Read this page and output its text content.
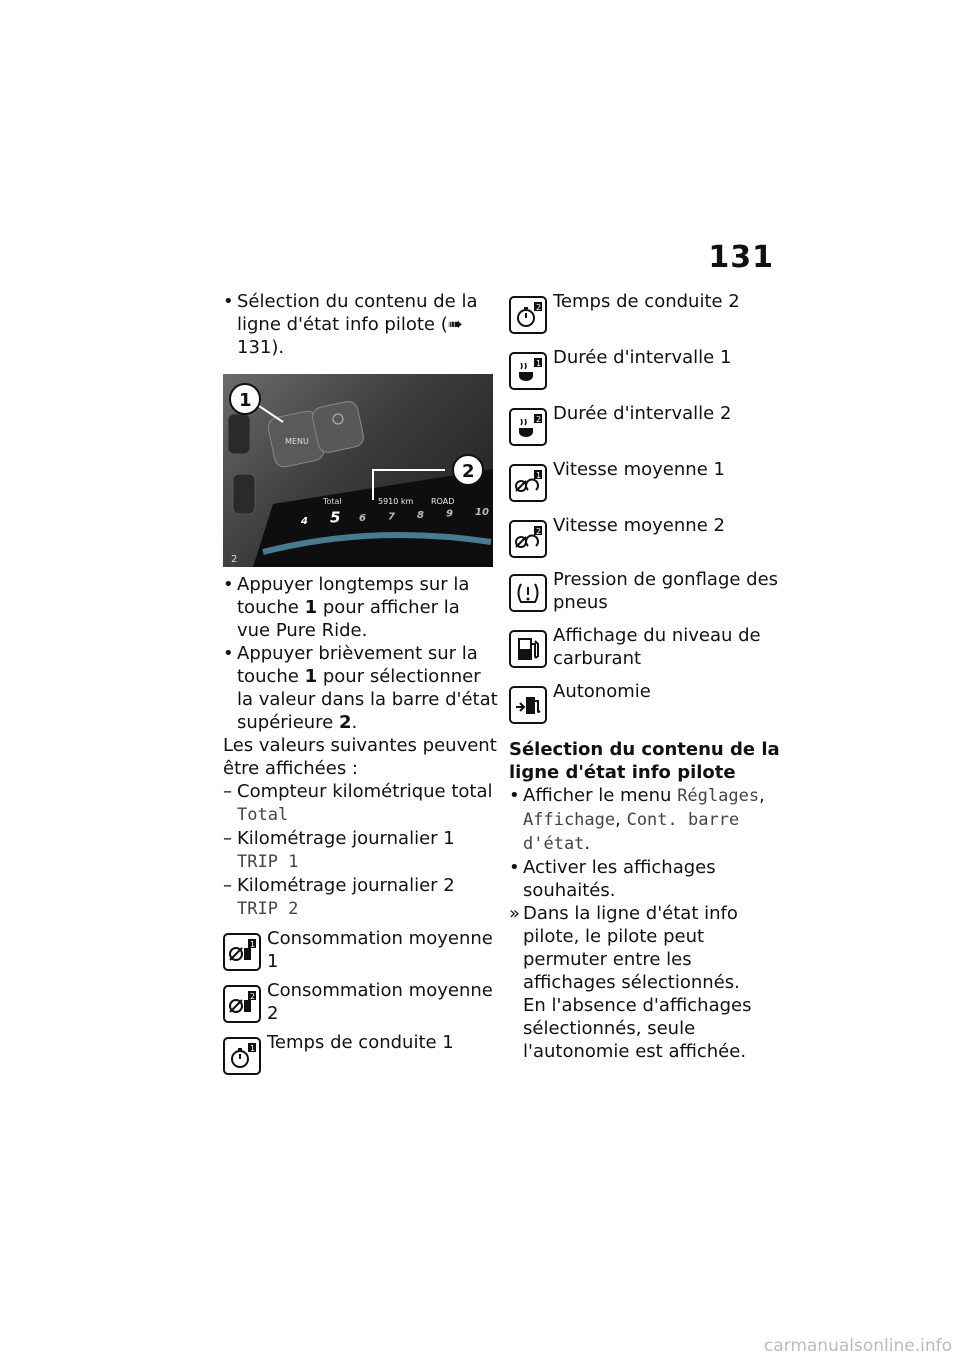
131
• Sélection du contenu de la ligne d'état info pilote (➠ 131).
MENU
Total	5910 km ROAD
4 5 6 7 8 9 10
2
1
2
• Appuyer longtemps sur la touche 1 pour afficher la vue Pure Ride.
• Appuyer brièvement sur la touche 1 pour sélectionner la valeur dans la barre d'état supérieure 2.
Les valeurs suivantes peuvent être affichées :
– Compteur kilométrique total Total
– Kilométrage journalier 1 TRIP 1
– Kilométrage journalier 2 TRIP 2
1 Consommation moyenne 1
2 Consommation moyenne 2
1 Temps de conduite 1
2 Temps de conduite 2
1 Durée d'intervalle 1
2 Durée d'intervalle 2
1 Vitesse moyenne 1
2 Vitesse moyenne 2
Pression de gonflage des pneus
Affichage du niveau de carburant
Autonomie
Sélection du contenu de la ligne d'état info pilote
• Afficher le menu Réglages, Affichage, Cont. barre d'état.
• Activer les affichages souhaités.
» Dans la ligne d'état info pilote, le pilote peut permuter entre les affichages sélectionnés.
En l'absence d'affichages sélectionnés, seule l'autonomie est affichée.
carmanualsonline.info
